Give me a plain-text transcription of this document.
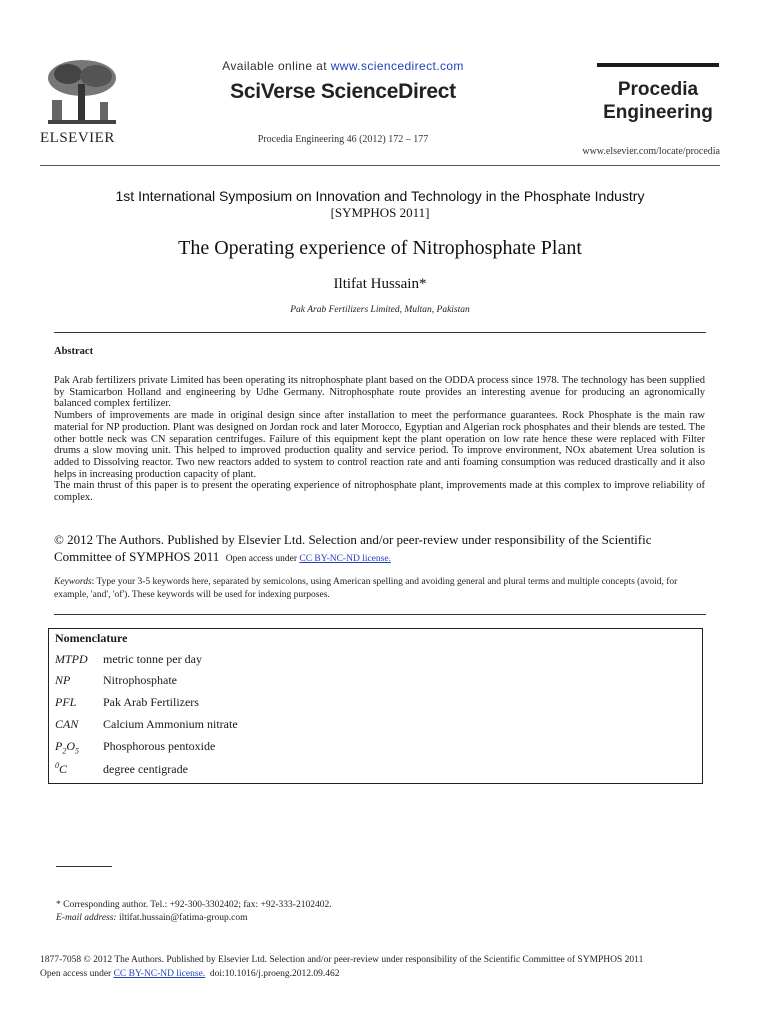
ELSEVIER
Available online at www.sciencedirect.com
SciVerse ScienceDirect
Procedia Engineering 46 (2012) 172 – 177
Procedia
Engineering
www.elsevier.com/locate/procedia
1st International Symposium on Innovation and Technology in the Phosphate Industry
[SYMPHOS 2011]
The Operating experience of Nitrophosphate Plant
Iltifat Hussain*
Pak Arab Fertilizers Limited, Multan, Pakistan
Abstract

Pak Arab fertilizers private Limited has been operating its nitrophosphate plant based on the ODDA process since 1978. The technology has been supplied by Stamicarbon Holland and engineering by Udhe Germany. Nitrophosphate route provides an interesting avenue for producing an agronomically balanced complex fertilizer.

Numbers of improvements are made in original design since after installation to meet the performance guarantees. Rock Phosphate is the main raw material for NP production. Plant was designed on Jordan rock and later Morocco, Egyptian and Algerian rock phosphates and their blends are tested. The other bottle neck was CN separation centrifuges. Failure of this equipment kept the plant operation on low rate hence these were replaced with Filter drums a slow moving unit. This helped to improved production quality and service period. To improve environment, NOx abatement Urea solution is added to Dissolving reactor. Two new reactors added to system to control reaction rate and anti foaming consumption was reduced drastically and it also helps in increasing production capacity of plant.

The main thrust of this paper is to present the operating experience of nitrophosphate plant, improvements made at this complex to improve reliability of complex.

© 2012 The Authors. Published by Elsevier Ltd. Selection and/or peer-review under responsibility of the Scientific Committee of SYMPHOS 2011 Open access under CC BY-NC-ND license.
Keywords: Type your 3-5 keywords here, separated by semicolons, using American spelling and avoiding general and plural terms and multiple concepts (avoid, for example, 'and', 'of'). These keywords will be used for indexing purposes.
Nomenclature
MTPD metric tonne per day
NP	Nitrophosphate
PFL Pak Arab Fertilizers
CAN Calcium Ammonium nitrate
$P_2O_5$ Phosphorous pentoxide
$^0$C	degree centigrade
* Corresponding author. Tel.: +92-300-3302402; fax: +92-333-2102402.
E-mail address: iltifat.hussain@fatima-group.com
1877-7058 © 2012 The Authors. Published by Elsevier Ltd. Selection and/or peer-review under responsibility of the Scientific Committee of SYMPHOS 2011
Open access under CC BY-NC-ND license. doi:10.1016/j.proeng.2012.09.462
